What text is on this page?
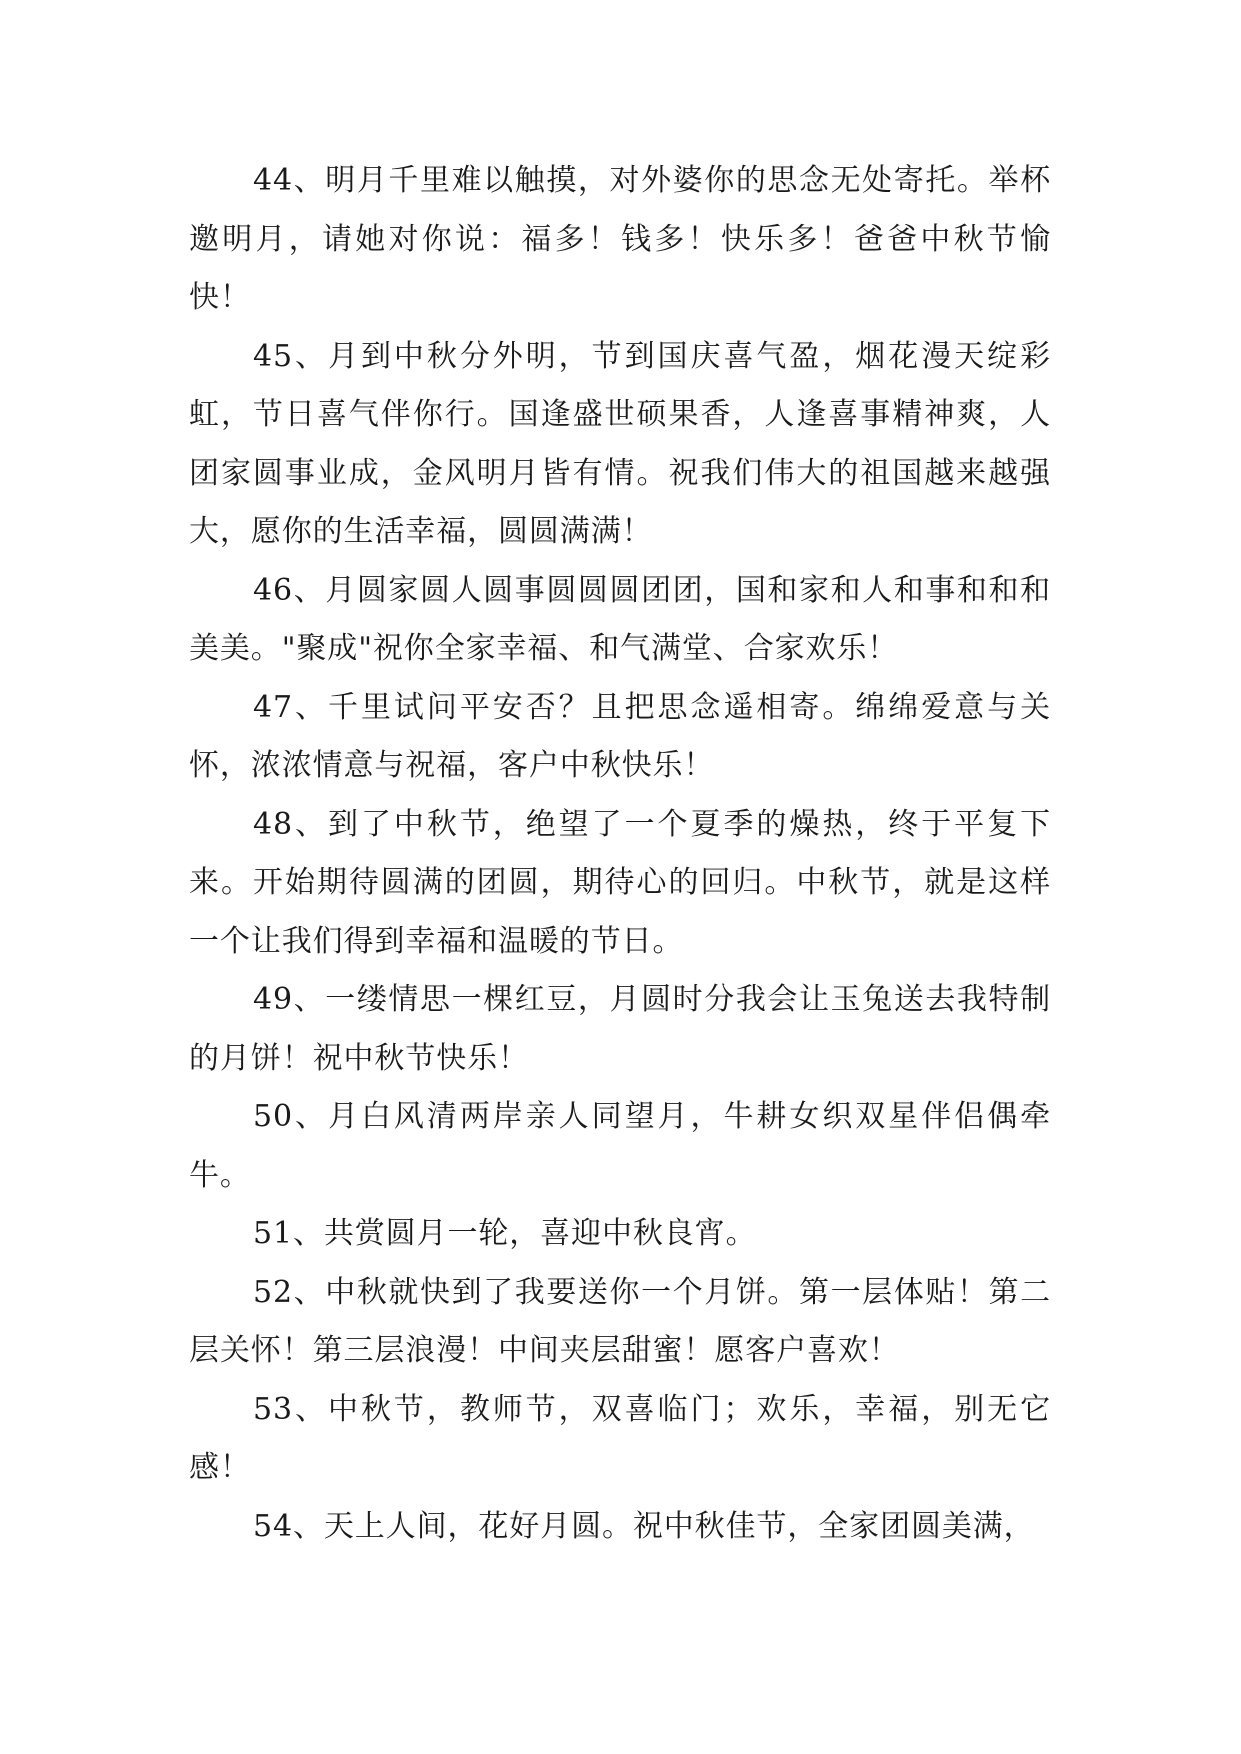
44、明月千里难以触摸，对外婆你的思念无处寄托。举杯邀明月，请她对你说：福多！钱多！快乐多！爸爸中秋节愉快！

45、月到中秋分外明，节到国庆喜气盈，烟花漫天绽彩虹，节日喜气伴你行。国逢盛世硕果香，人逢喜事精神爽，人团家圆事业成，金风明月皆有情。祝我们伟大的祖国越来越强大，愿你的生活幸福，圆圆满满！

46、月圆家圆人圆事圆圆圆团团，国和家和人和事和和和美美。"聚成"祝你全家幸福、和气满堂、合家欢乐！

47、千里试问平安否？且把思念遥相寄。绵绵爱意与关怀，浓浓情意与祝福，客户中秋快乐！

48、到了中秋节，绝望了一个夏季的燥热，终于平复下来。开始期待圆满的团圆，期待心的回归。中秋节，就是这样一个让我们得到幸福和温暖的节日。

49、一缕情思一棵红豆，月圆时分我会让玉兔送去我特制的月饼！祝中秋节快乐！

50、月白风清两岸亲人同望月，牛耕女织双星伴侣偶牵牛。

51、共赏圆月一轮，喜迎中秋良宵。

52、中秋就快到了我要送你一个月饼。第一层体贴！第二层关怀！第三层浪漫！中间夹层甜蜜！愿客户喜欢！

53、中秋节，教师节，双喜临门；欢乐，幸福，别无它感！

54、天上人间，花好月圆。祝中秋佳节，全家团圆美满，
